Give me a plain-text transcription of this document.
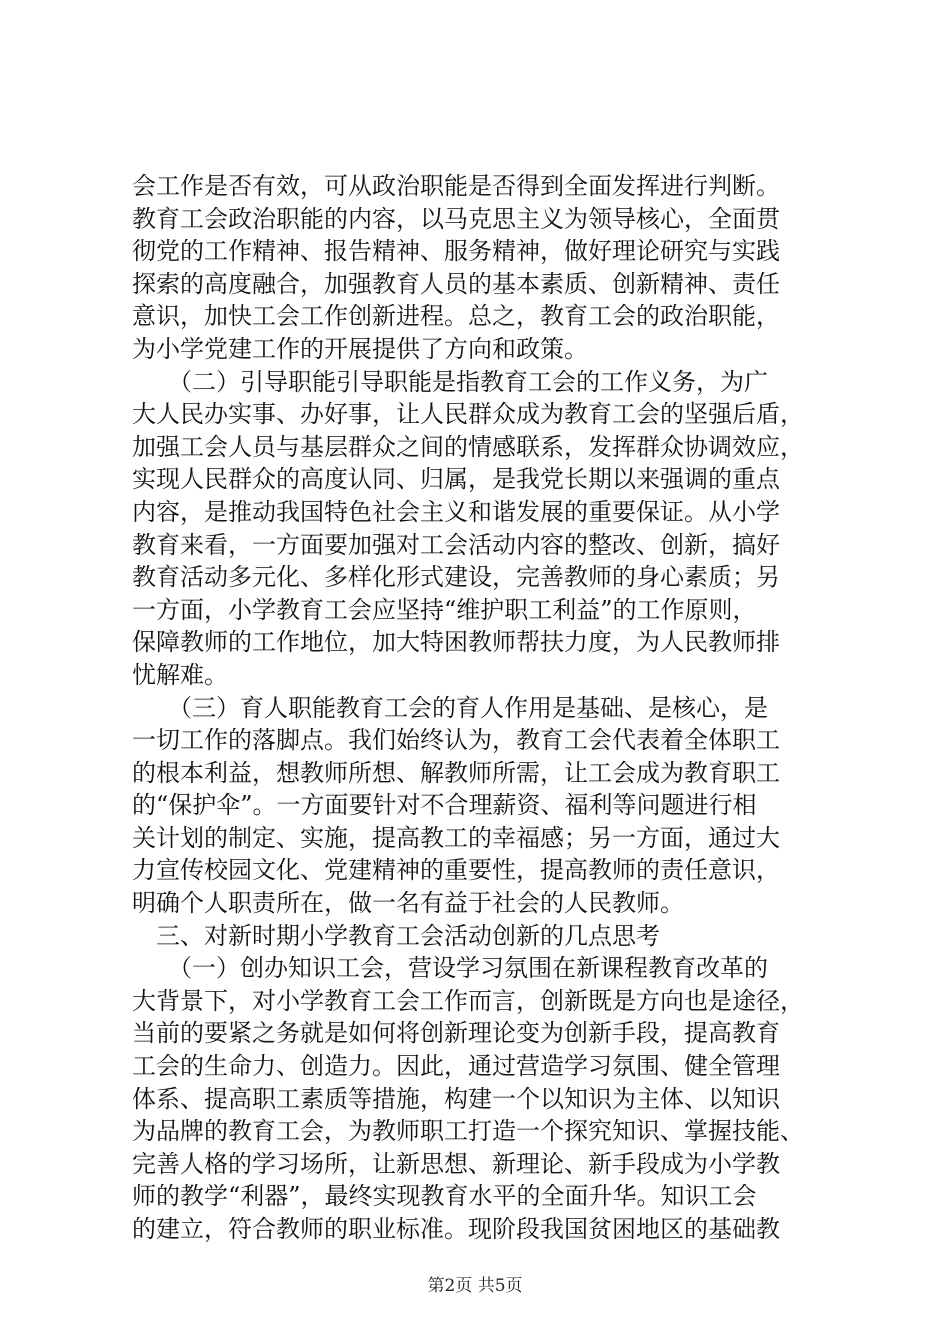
会工作是否有效，可从政治职能是否得到全面发挥进行判断。
教育工会政治职能的内容，以马克思主义为领导核心，全面贯
彻党的工作精神、报告精神、服务精神，做好理论研究与实践
探索的高度融合，加强教育人员的基本素质、创新精神、责任
意识，加快工会工作创新进程。总之，教育工会的政治职能，
为小学党建工作的开展提供了方向和政策。
　　（二）引导职能引导职能是指教育工会的工作义务，为广
大人民办实事、办好事，让人民群众成为教育工会的坚强后盾，
加强工会人员与基层群众之间的情感联系，发挥群众协调效应，
实现人民群众的高度认同、归属，是我党长期以来强调的重点
内容，是推动我国特色社会主义和谐发展的重要保证。从小学
教育来看，一方面要加强对工会活动内容的整改、创新，搞好
教育活动多元化、多样化形式建设，完善教师的身心素质；另
一方面，小学教育工会应坚持“维护职工利益”的工作原则，
保障教师的工作地位，加大特困教师帮扶力度，为人民教师排
忧解难。
　　（三）育人职能教育工会的育人作用是基础、是核心，是
一切工作的落脚点。我们始终认为，教育工会代表着全体职工
的根本利益，想教师所想、解教师所需，让工会成为教育职工
的“保护伞”。一方面要针对不合理薪资、福利等问题进行相
关计划的制定、实施，提高教工的幸福感；另一方面，通过大
力宣传校园文化、党建精神的重要性，提高教师的责任意识，
明确个人职责所在，做一名有益于社会的人民教师。
　三、对新时期小学教育工会活动创新的几点思考
　　（一）创办知识工会，营设学习氛围在新课程教育改革的
大背景下，对小学教育工会工作而言，创新既是方向也是途径，
当前的要紧之务就是如何将创新理论变为创新手段，提高教育
工会的生命力、创造力。因此，通过营造学习氛围、健全管理
体系、提高职工素质等措施，构建一个以知识为主体、以知识
为品牌的教育工会，为教师职工打造一个探究知识、掌握技能、
完善人格的学习场所，让新思想、新理论、新手段成为小学教
师的教学“利器”，最终实现教育水平的全面升华。知识工会
的建立，符合教师的职业标准。现阶段我国贫困地区的基础教
第2页 共5页
